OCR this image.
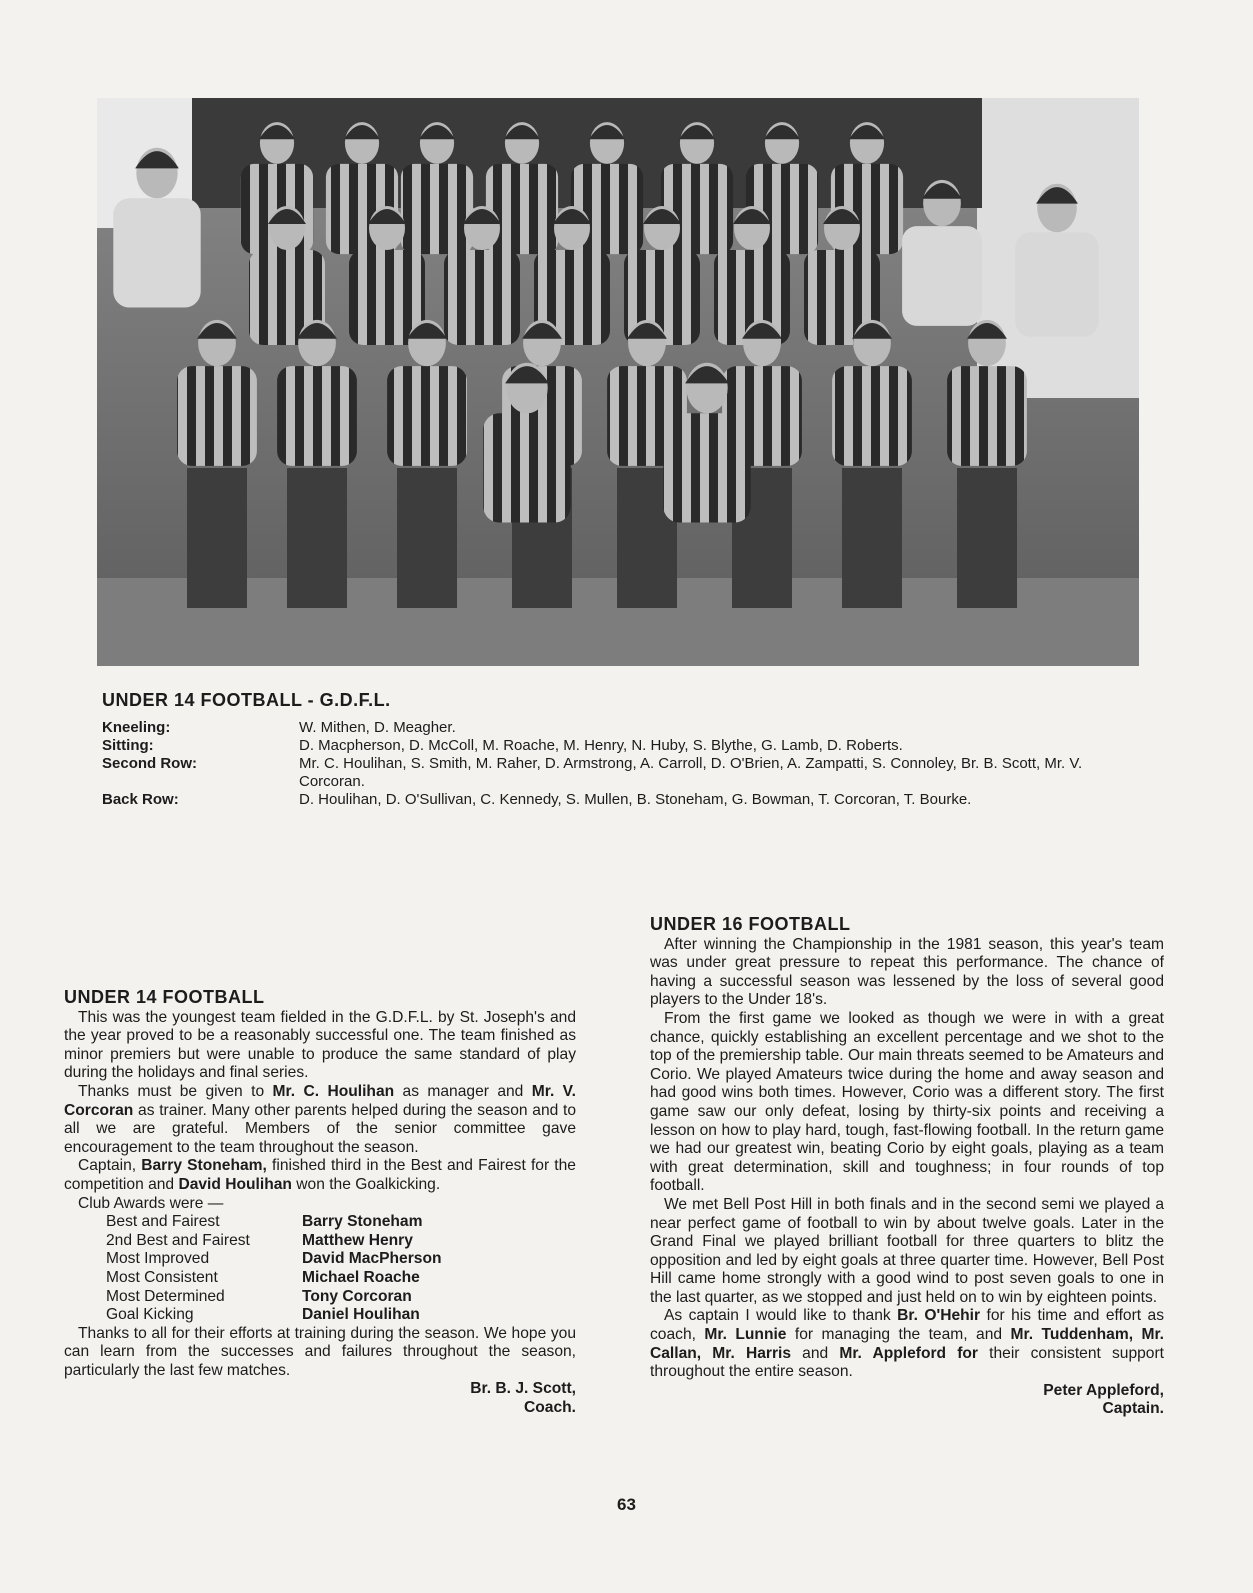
UNDER 14 FOOTBALL - G.D.F.L.
Kneeling:	W. Mithen, D. Meagher.
Sitting:	D. Macpherson, D. McColl, M. Roache, M. Henry, N. Huby, S. Blythe, G. Lamb, D. Roberts.
Second Row:	Mr. C. Houlihan, S. Smith, M. Raher, D. Armstrong, A. Carroll, D. O'Brien, A. Zampatti, S. Connoley, Br. B. Scott, Mr. V. Corcoran.
Back Row:	D. Houlihan, D. O'Sullivan, C. Kennedy, S. Mullen, B. Stoneham, G. Bowman, T. Corcoran, T. Bourke.
UNDER 14 FOOTBALL

This was the youngest team fielded in the G.D.F.L. by St. Joseph's and the year proved to be a reasonably successful one. The team finished as minor premiers but were unable to produce the same standard of play during the holidays and final series.

Thanks must be given to Mr. C. Houlihan as manager and Mr. V. Corcoran as trainer. Many other parents helped during the season and to all we are grateful. Members of the senior committee gave encouragement to the team throughout the season.

Captain, Barry Stoneham, finished third in the Best and Fairest for the competition and David Houlihan won the Goalkicking.

Club Awards were —

Best and Fairest	Barry Stoneham
2nd Best and Fairest	Matthew Henry
Most Improved	David MacPherson
Most Consistent	Michael Roache
Most Determined	Tony Corcoran
Goal Kicking	Daniel Houlihan

Thanks to all for their efforts at training during the season. We hope you can learn from the successes and failures throughout the season, particularly the last few matches.

Br. B. J. Scott,

Coach.

UNDER 16 FOOTBALL

After winning the Championship in the 1981 season, this year's team was under great pressure to repeat this performance. The chance of having a successful season was lessened by the loss of several good players to the Under 18's.

From the first game we looked as though we were in with a great chance, quickly establishing an excellent percentage and we shot to the top of the premiership table. Our main threats seemed to be Amateurs and Corio. We played Amateurs twice during the home and away season and had good wins both times. However, Corio was a different story. The first game saw our only defeat, losing by thirty-six points and receiving a lesson on how to play hard, tough, fast-flowing football. In the return game we had our greatest win, beating Corio by eight goals, playing as a team with great determination, skill and toughness; in four rounds of top football.

We met Bell Post Hill in both finals and in the second semi we played a near perfect game of football to win by about twelve goals. Later in the Grand Final we played brilliant football for three quarters to blitz the opposition and led by eight goals at three quarter time. However, Bell Post Hill came home strongly with a good wind to post seven goals to one in the last quarter, as we stopped and just held on to win by eighteen points.

As captain I would like to thank Br. O'Hehir for his time and effort as coach, Mr. Lunnie for managing the team, and Mr. Tuddenham, Mr. Callan, Mr. Harris and Mr. Appleford for their consistent support throughout the entire season.

Peter Appleford,

Captain.

63
